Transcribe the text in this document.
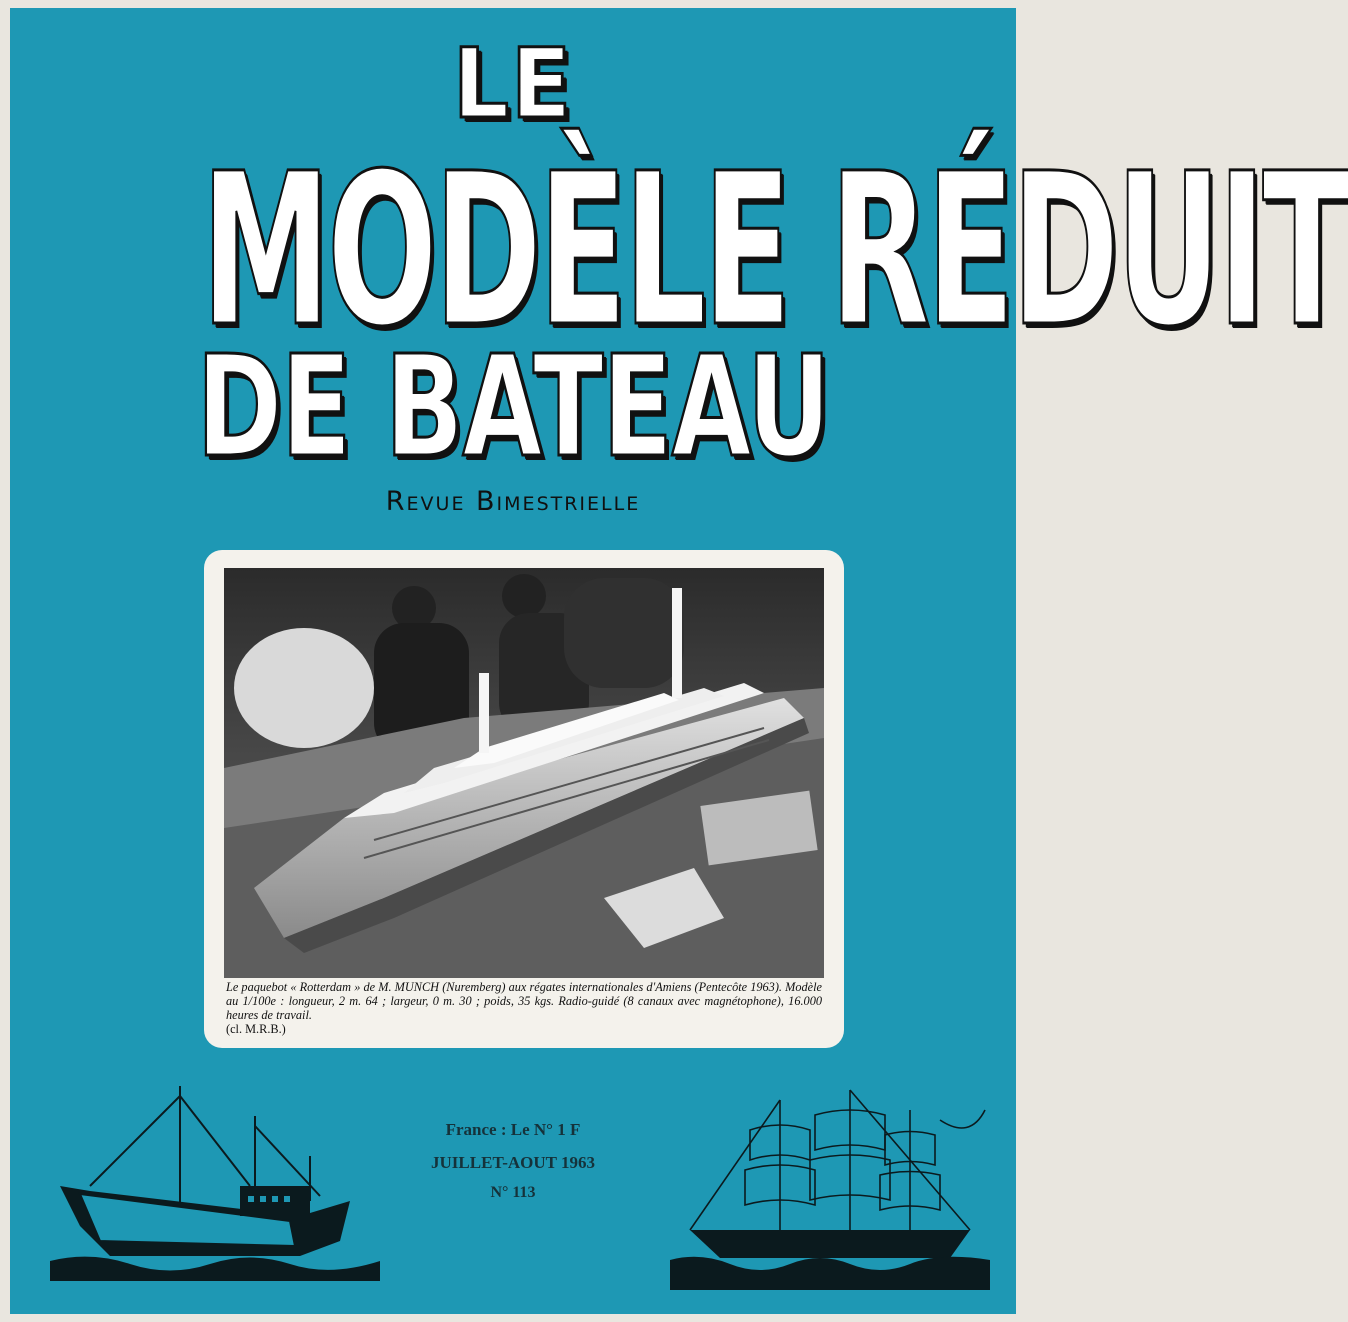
LE
MODÈLE RÉDUIT
DE BATEAU
Revue Bimestrielle
Le paquebot « Rotterdam » de M. MUNCH (Nuremberg) aux régates internationales d'Amiens (Pentecôte 1963). Modèle au 1/100e : longueur, 2 m. 64 ; largeur, 0 m. 30 ; poids, 35 kgs. Radio-guidé (8 canaux avec magnétophone), 16.000 heures de travail.
(cl. M.R.B.)
France : Le N° 1 F
JUILLET-AOUT 1963
N° 113
